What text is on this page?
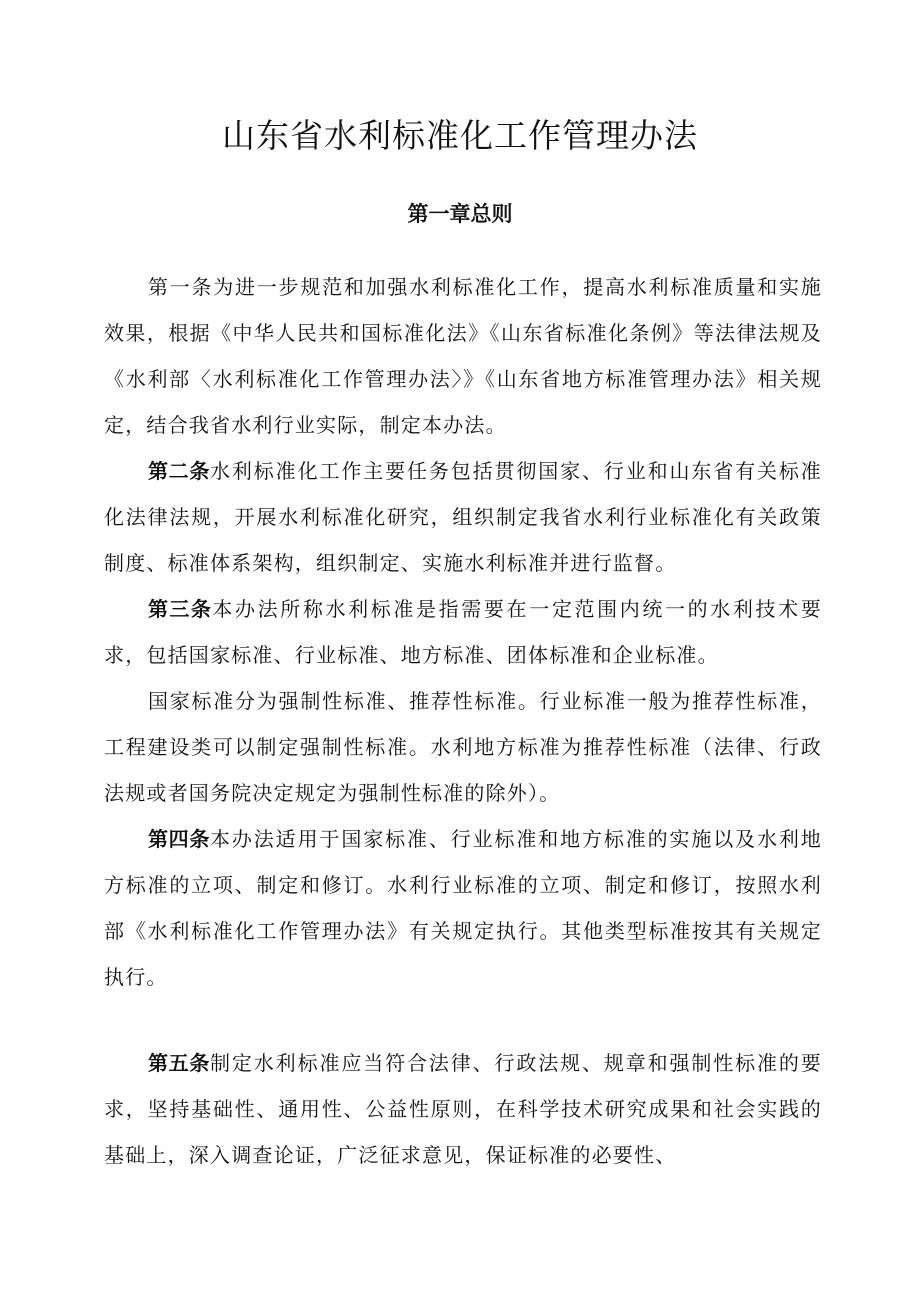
山东省水利标准化工作管理办法
第一章总则

第一条为进一步规范和加强水利标准化工作，提高水利标准质量和实施效果，根据《中华人民共和国标准化法》《山东省标准化条例》等法律法规及《水利部〈水利标准化工作管理办法〉》《山东省地方标准管理办法》相关规定，结合我省水利行业实际，制定本办法。

第二条水利标准化工作主要任务包括贯彻国家、行业和山东省有关标准化法律法规，开展水利标准化研究，组织制定我省水利行业标准化有关政策制度、标准体系架构，组织制定、实施水利标准并进行监督。

第三条本办法所称水利标准是指需要在一定范围内统一的水利技术要求，包括国家标准、行业标准、地方标准、团体标准和企业标准。

国家标准分为强制性标准、推荐性标准。行业标准一般为推荐性标准，工程建设类可以制定强制性标准。水利地方标准为推荐性标准（法律、行政法规或者国务院决定规定为强制性标准的除外）。

第四条本办法适用于国家标准、行业标准和地方标准的实施以及水利地方标准的立项、制定和修订。水利行业标准的立项、制定和修订，按照水利部《水利标准化工作管理办法》有关规定执行。其他类型标准按其有关规定执行。

第五条制定水利标准应当符合法律、行政法规、规章和强制性标准的要求，坚持基础性、通用性、公益性原则，在科学技术研究成果和社会实践的基础上，深入调查论证，广泛征求意见，保证标准的必要性、
